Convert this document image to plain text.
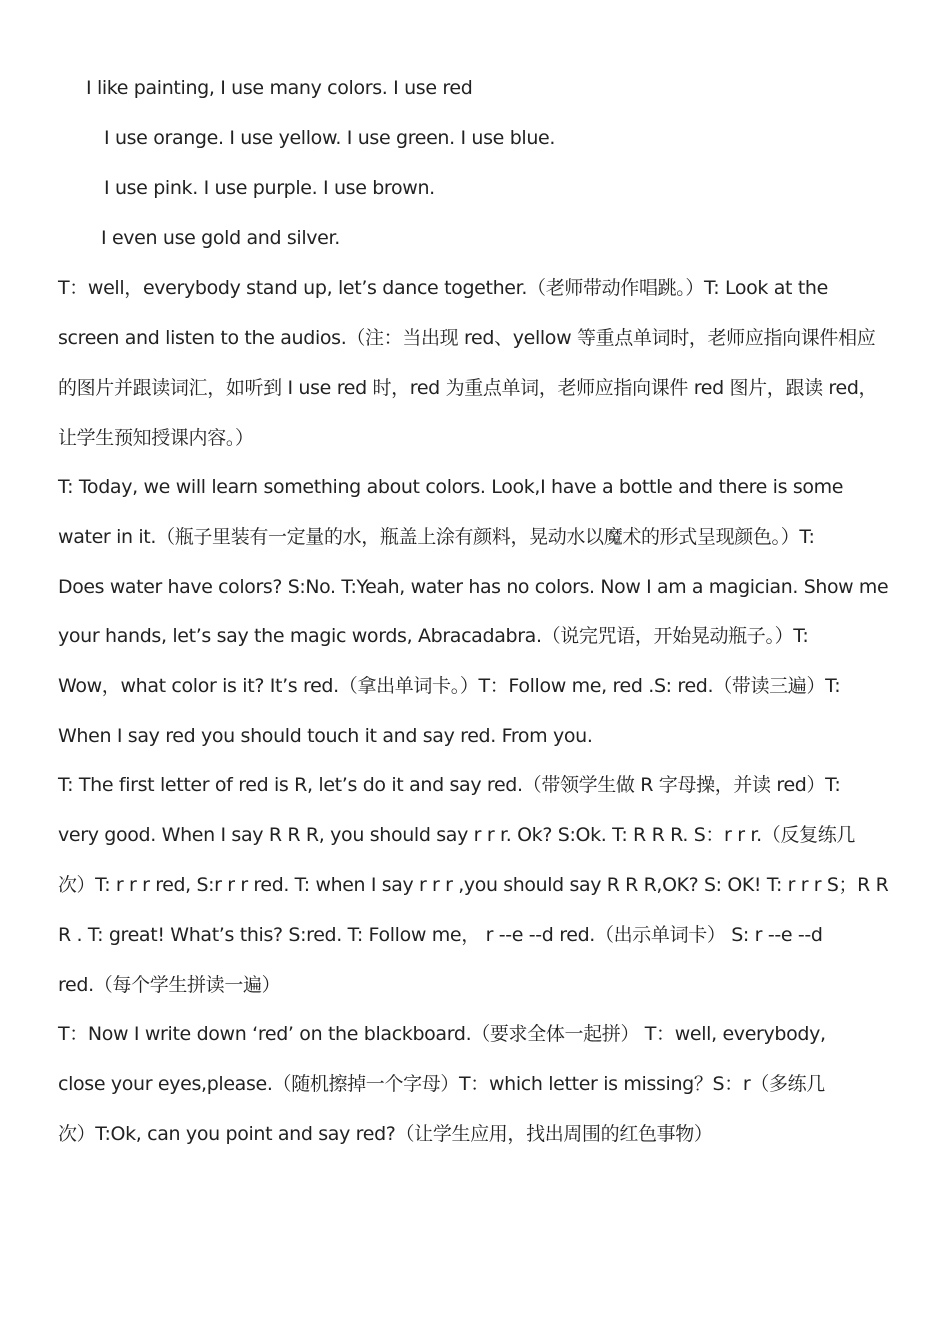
I like painting, I use many colors. I use red
I use orange. I use yellow. I use green. I use blue.
I use pink. I use purple. I use brown.
I even use gold and silver.
T：well，everybody stand up, let’s dance together.（老师带动作唱跳。）T: Look at the
screen and listen to the audios.（注：当出现 red、yellow 等重点单词时，老师应指向课件相应
的图片并跟读词汇，如听到 I use red 时，red 为重点单词，老师应指向课件 red 图片，跟读 red，
让学生预知授课内容。）
T: Today, we will learn something about colors. Look,I have a bottle and there is some
water in it.（瓶子里装有一定量的水，瓶盖上涂有颜料，晃动水以魔术的形式呈现颜色。）T:
Does water have colors? S:No. T:Yeah, water has no colors. Now I am a magician. Show me
your hands, let’s say the magic words, Abracadabra.（说完咒语，开始晃动瓶子。）T:
Wow，what color is it? It’s red.（拿出单词卡。）T：Follow me, red .S: red.（带读三遍）T:
When I say red you should touch it and say red. From you.
T: The first letter of red is R, let’s do it and say red.（带领学生做 R 字母操，并读 red）T:
very good. When I say R R R, you should say r r r. Ok? S:Ok. T: R R R. S：r r r.（反复练几
次）T: r r r red, S:r r r red. T: when I say r r r ,you should say R R R,OK? S: OK! T: r r r S；R R
R . T: great! What’s this? S:red. T: Follow me， r --e --d red.（出示单词卡） S: r --e --d
red.（每个学生拼读一遍）
T：Now I write down ‘red’ on the blackboard.（要求全体一起拼） T：well, everybody,
close your eyes,please.（随机擦掉一个字母）T：which letter is missing？S：r（多练几
次）T:Ok, can you point and say red?（让学生应用，找出周围的红色事物）
